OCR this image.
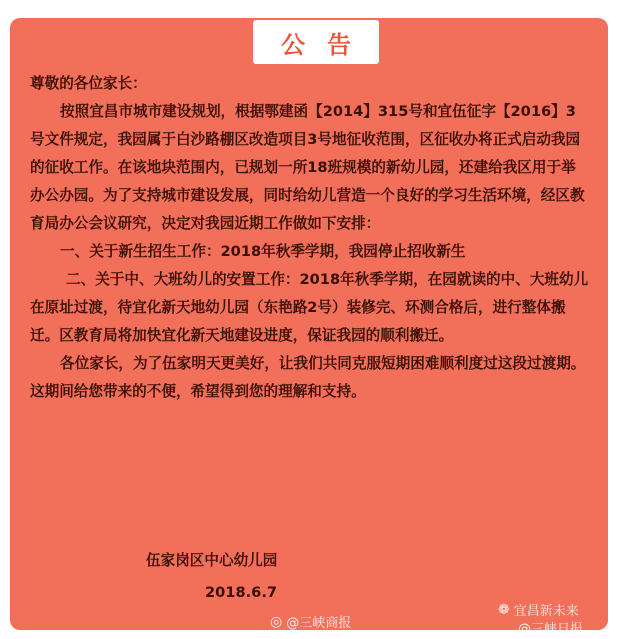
公告

尊敬的各位家长：

按照宜昌市城市建设规划，根据鄂建函【2014】315号和宜伍征字【2016】3号文件规定，我园属于白沙路棚区改造项目3号地征收范围，区征收办将正式启动我园的征收工作。在该地块范围内，已规划一所18班规模的新幼儿园，还建给我区用于举办公办园。为了支持城市建设发展，同时给幼儿营造一个良好的学习生活环境，经区教育局办公会议研究，决定对我园近期工作做如下安排：

一、关于新生招生工作：2018年秋季学期，我园停止招收新生

二、关于中、大班幼儿的安置工作：2018年秋季学期，在园就读的中、大班幼儿在原址过渡，待宜化新天地幼儿园（东艳路2号）装修完、环测合格后，进行整体搬迁。区教育局将加快宜化新天地建设进度，保证我园的顺利搬迁。

各位家长，为了伍家明天更美好，让我们共同克服短期困难顺利度过这段过渡期。这期间给您带来的不便，希望得到您的理解和支持。

伍家岗区中心幼儿园
2018.6.7
◎ @三峡商报
❁ 宜昌新未来
@三峡日报
